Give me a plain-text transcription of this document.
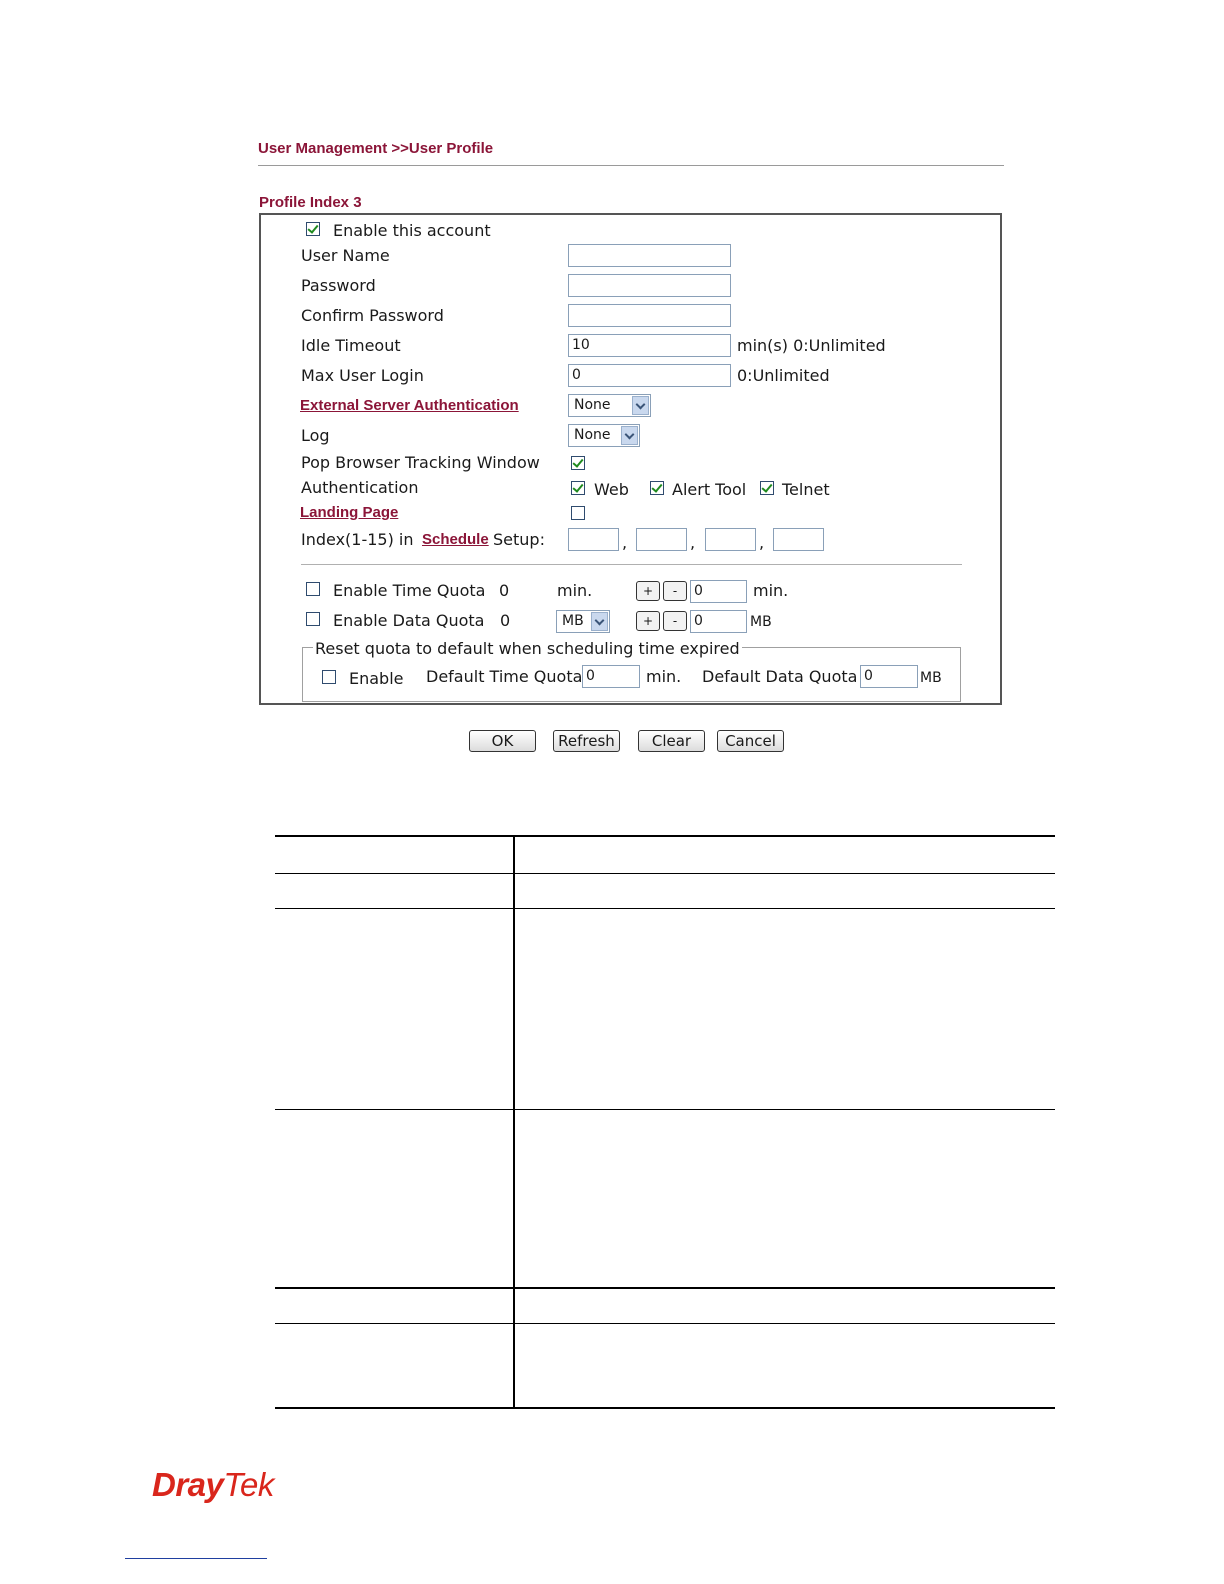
User Management >>User Profile
Profile Index 3
Enable this account
User Name
Password
Confirm Password
Idle Timeout	10	min(s) 0:Unlimited
Max User Login	0	0:Unlimited
External Server Authentication	None
Log	None
Pop Browser Tracking Window
Authentication	Web	Alert Tool Telnet
Landing Page
Index(1-15) in Schedule Setup:	,	,	,
Enable Time Quota 0	min.	+	-	0	min.
Enable Data Quota 0	MB	+	-	0	MB
Reset quota to default when scheduling time expired
Enable Default Time Quota 0	min. Default Data Quota 0	MB
OK	Refresh	Clear	Cancel
DrayTek
